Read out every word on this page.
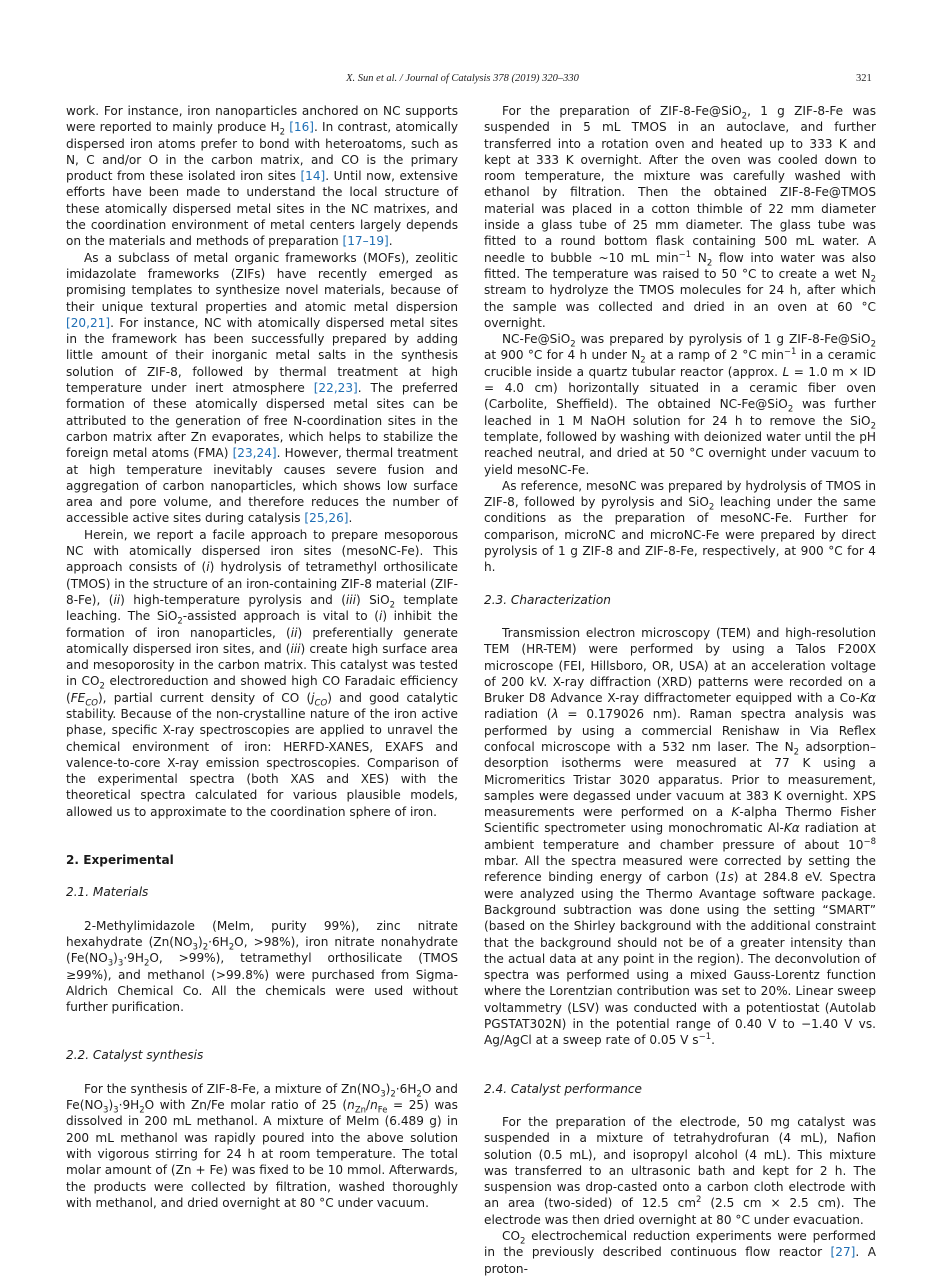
X. Sun et al. / Journal of Catalysis 378 (2019) 320–330	321

work. For instance, iron nanoparticles anchored on NC supports were reported to mainly produce $H_2$ [16]. In contrast, atomically dispersed iron atoms prefer to bond with heteroatoms, such as N, C and/or O in the carbon matrix, and CO is the primary product from these isolated iron sites [14]. Until now, extensive efforts have been made to understand the local structure of these atomically dispersed metal sites in the NC matrixes, and the coordination environment of metal centers largely depends on the materials and methods of preparation [17–19].

As a subclass of metal organic frameworks (MOFs), zeolitic imidazolate frameworks (ZIFs) have recently emerged as promising templates to synthesize novel materials, because of their unique textural properties and atomic metal dispersion [20,21]. For instance, NC with atomically dispersed metal sites in the framework has been successfully prepared by adding little amount of their inorganic metal salts in the synthesis solution of ZIF-8, followed by thermal treatment at high temperature under inert atmosphere [22,23]. The preferred formation of these atomically dispersed metal sites can be attributed to the generation of free N-coordination sites in the carbon matrix after Zn evaporates, which helps to stabilize the foreign metal atoms (FMA) [23,24]. However, thermal treatment at high temperature inevitably causes severe fusion and aggregation of carbon nanoparticles, which shows low surface area and pore volume, and therefore reduces the number of accessible active sites during catalysis [25,26].

Herein, we report a facile approach to prepare mesoporous NC with atomically dispersed iron sites (mesoNC-Fe). This approach consists of (i) hydrolysis of tetramethyl orthosilicate (TMOS) in the structure of an iron-containing ZIF-8 material (ZIF-8-Fe), (ii) high-temperature pyrolysis and (iii) SiO$_2$ template leaching. The SiO$_2$-assisted approach is vital to (i) inhibit the formation of iron nanoparticles, (ii) preferentially generate atomically dispersed iron sites, and (iii) create high surface area and mesoporosity in the carbon matrix. This catalyst was tested in $CO_2$ electroreduction and showed high CO Faradaic efficiency $(FE_{CO})$, partial current density of CO $(j_{CO})$ and good catalytic stability. Because of the non-crystalline nature of the iron active phase, specific X-ray spectroscopies are applied to unravel the chemical environment of iron: HERFD-XANES, EXAFS and valence-to-core X-ray emission spectroscopies. Comparison of the experimental spectra (both XAS and XES) with the theoretical spectra calculated for various plausible models, allowed us to approximate to the coordination sphere of iron.

2. Experimental
2.1. Materials

2-Methylimidazole (MeIm, purity 99%), zinc nitrate hexahydrate ($Zn(NO_3)_2\cdot 6H_2O$, >98%), iron nitrate nonahydrate ($Fe(NO_3)_3\cdot 9H_2O$, >99%), tetramethyl orthosilicate (TMOS ≥99%), and methanol (>99.8%) were purchased from Sigma-Aldrich Chemical Co. All the chemicals were used without further purification.

2.2. Catalyst synthesis

For the synthesis of ZIF-8-Fe, a mixture of $Zn(NO_3)_2\cdot 6H_2O$ and $Fe(NO_3)_3\cdot 9H_2O$ with Zn/Fe molar ratio of 25 $(n_{Zn}/n_{Fe} = 25)$ was dissolved in 200 mL methanol. A mixture of MeIm (6.489 g) in 200 mL methanol was rapidly poured into the above solution with vigorous stirring for 24 h at room temperature. The total molar amount of (Zn + Fe) was fixed to be 10 mmol. Afterwards, the products were collected by filtration, washed thoroughly with methanol, and dried overnight at 80 °C under vacuum.

For the preparation of ZIF-8-Fe@SiO$_2$, 1 g ZIF-8-Fe was suspended in 5 mL TMOS in an autoclave, and further transferred into a rotation oven and heated up to 333 K and kept at 333 K overnight. After the oven was cooled down to room temperature, the mixture was carefully washed with ethanol by filtration. Then the obtained ZIF-8-Fe@TMOS material was placed in a cotton thimble of 22 mm diameter inside a glass tube of 25 mm diameter. The glass tube was fitted to a round bottom flask containing 500 mL water. A needle to bubble ~10 mL $\min^{-1} N_2$ flow into water was also fitted. The temperature was raised to 50 °C to create a wet $N_2$ stream to hydrolyze the TMOS molecules for 24 h, after which the sample was collected and dried in an oven at 60 °C overnight.

NC-Fe@SiO$_2$ was prepared by pyrolysis of 1 g ZIF-8-Fe@SiO$_2$ at 900 °C for 4 h under $N_2$ at a ramp of 2 °C $\min^{-1}$ in a ceramic crucible inside a quartz tubular reactor (approx. L = 1.0 m × ID = 4.0 cm) horizontally situated in a ceramic fiber oven (Carbolite, Sheffield). The obtained NC-Fe@SiO$_2$ was further leached in 1 M NaOH solution for 24 h to remove the SiO$_2$ template, followed by washing with deionized water until the pH reached neutral, and dried at 50 °C overnight under vacuum to yield mesoNC-Fe.

As reference, mesoNC was prepared by hydrolysis of TMOS in ZIF-8, followed by pyrolysis and SiO$_2$ leaching under the same conditions as the preparation of mesoNC-Fe. Further for comparison, microNC and microNC-Fe were prepared by direct pyrolysis of 1 g ZIF-8 and ZIF-8-Fe, respectively, at 900 °C for 4 h.

2.3. Characterization

Transmission electron microscopy (TEM) and high-resolution TEM (HR-TEM) were performed by using a Talos F200X microscope (FEI, Hillsboro, OR, USA) at an acceleration voltage of 200 kV. X-ray diffraction (XRD) patterns were recorded on a Bruker D8 Advance X-ray diffractometer equipped with a Co-Kα radiation (λ = 0.179026 nm). Raman spectra analysis was performed by using a commercial Renishaw in Via Reflex confocal microscope with a 532 nm laser. The $N_2$ adsorption–desorption isotherms were measured at 77 K using a Micromeritics Tristar 3020 apparatus. Prior to measurement, samples were degassed under vacuum at 383 K overnight. XPS measurements were performed on a K-alpha Thermo Fisher Scientific spectrometer using monochromatic Al-Kα radiation at ambient temperature and chamber pressure of about $10^{-8}$ mbar. All the spectra measured were corrected by setting the reference binding energy of carbon (1s) at 284.8 eV. Spectra were analyzed using the Thermo Avantage software package. Background subtraction was done using the setting “SMART” (based on the Shirley background with the additional constraint that the background should not be of a greater intensity than the actual data at any point in the region). The deconvolution of spectra was performed using a mixed Gauss-Lorentz function where the Lorentzian contribution was set to 20%. Linear sweep voltammetry (LSV) was conducted with a potentiostat (Autolab PGSTAT302N) in the potential range of 0.40 V to −1.40 V vs. Ag/AgCl at a sweep rate of 0.05 V $s^{-1}$.

2.4. Catalyst performance

For the preparation of the electrode, 50 mg catalyst was suspended in a mixture of tetrahydrofuran (4 mL), Nafion solution (0.5 mL), and isopropyl alcohol (4 mL). This mixture was transferred to an ultrasonic bath and kept for 2 h. The suspension was drop-casted onto a carbon cloth electrode with an area (two-sided) of 12.5 $cm^2$ (2.5 cm × 2.5 cm). The electrode was then dried overnight at 80 °C under evacuation.

$CO_2$ electrochemical reduction experiments were performed in the previously described continuous flow reactor [27]. A proton-
